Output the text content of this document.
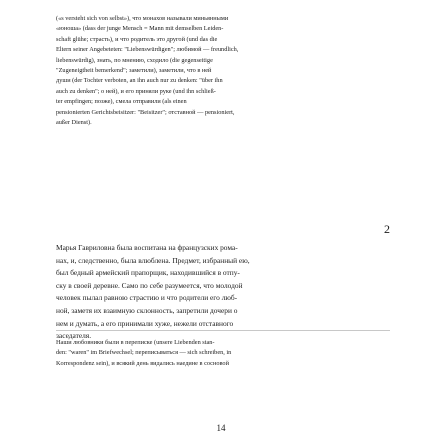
(«s versteht sich von selbst»), что монахов называли миньянными
«юноша» (dass der junge Mensch = Mann mit demselben Leiden-
schaft glühe; страсть), и что родитель это другой (und das die
Eltern seiner Angebeteten: "Liebenswürdigen"; любимой — freundlich,
liebenswürdig), знать, по мнению, сходило (die gegenseitige
"Zugeneigtheit bemerkend"; заметили), заметили, что в ней
души (der Tochter verboten, an ihn auch nur zu denken: "über ihn
auch zu denken"; о ней), и его приняли руке (und ihn schließ-
ter empfingen; позже), смела отправили (als einen
pensionierten Gerichtsbeisitzer: "Beisitzer"; отставной — pensioniert,
außer Dienst).
2
Марья Гавриловна была воспитана на французских рома-
нах, и, следственно, была влюблена. Предмет, избранный ею,
был бедный армейский прапорщик, находившийся в отпу-
ску в своей деревне. Само по себе разумеется, что молодой
человек пылал равною страстию и что родители его люб-
ной, заметя их взаимную склонность, запретили дочери о
нем и думать, а его принимали хуже, нежели отставного
заседателя.
Наши любовники были в переписке (unsere Liebenden stan-
den: "waren" im Briefwechsel; переписываться — sich schreiben, in
Korrespondenz sein), и всякий день видались наедине в сосновой
14
